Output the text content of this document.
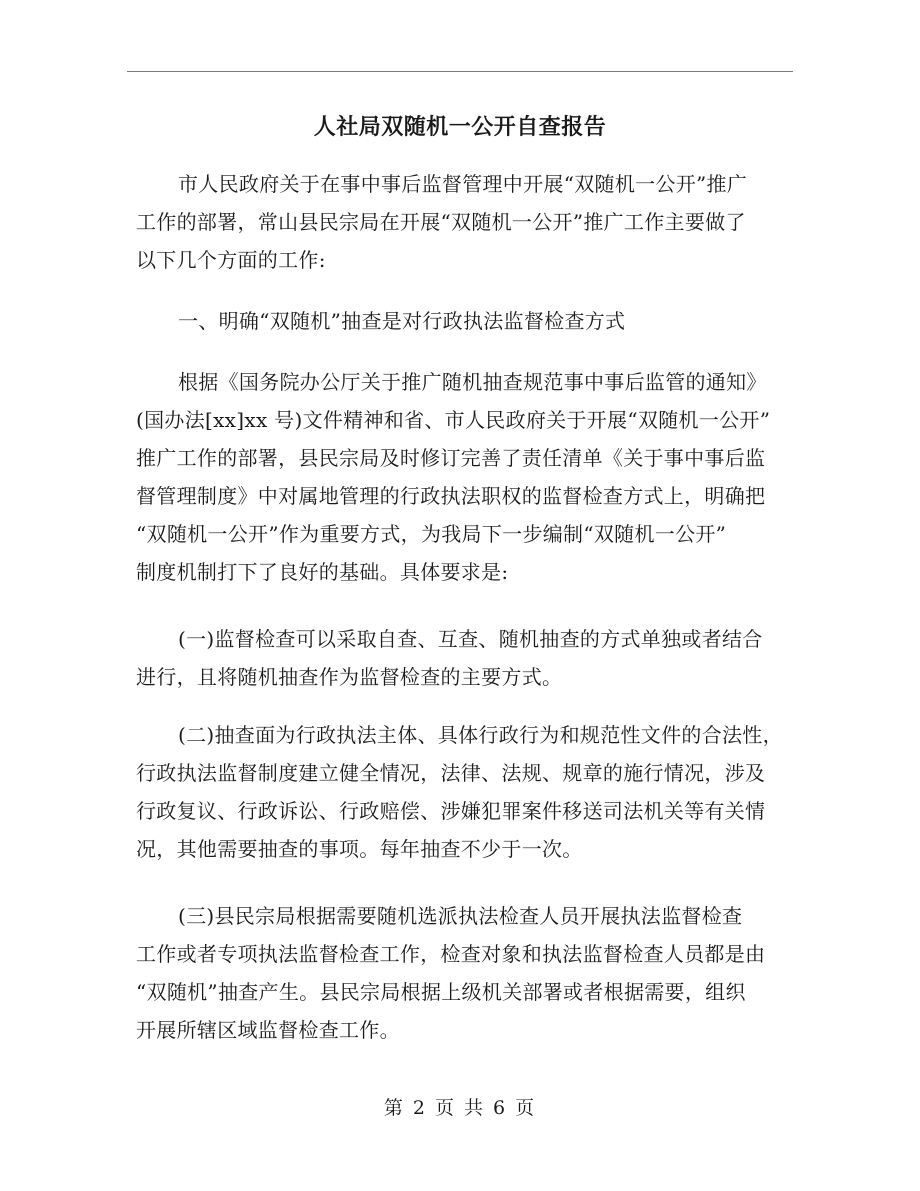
人社局双随机一公开自查报告
市人民政府关于在事中事后监督管理中开展“双随机一公开”推广
工作的部署，常山县民宗局在开展“双随机一公开”推广工作主要做了
以下几个方面的工作:
一、明确“双随机”抽查是对行政执法监督检查方式
根据《国务院办公厅关于推广随机抽查规范事中事后监管的通知》
(国办法[xx]xx 号)文件精神和省、市人民政府关于开展“双随机一公开”
推广工作的部署，县民宗局及时修订完善了责任清单《关于事中事后监
督管理制度》中对属地管理的行政执法职权的监督检查方式上，明确把
“双随机一公开”作为重要方式，为我局下一步编制“双随机一公开”
制度机制打下了良好的基础。具体要求是:
(一)监督检查可以采取自查、互查、随机抽查的方式单独或者结合
进行，且将随机抽查作为监督检查的主要方式。
(二)抽查面为行政执法主体、具体行政行为和规范性文件的合法性，
行政执法监督制度建立健全情况，法律、法规、规章的施行情况，涉及
行政复议、行政诉讼、行政赔偿、涉嫌犯罪案件移送司法机关等有关情
况，其他需要抽查的事项。每年抽查不少于一次。
(三)县民宗局根据需要随机选派执法检查人员开展执法监督检查
工作或者专项执法监督检查工作，检查对象和执法监督检查人员都是由
“双随机”抽查产生。县民宗局根据上级机关部署或者根据需要，组织
开展所辖区域监督检查工作。
第 2 页 共 6 页
